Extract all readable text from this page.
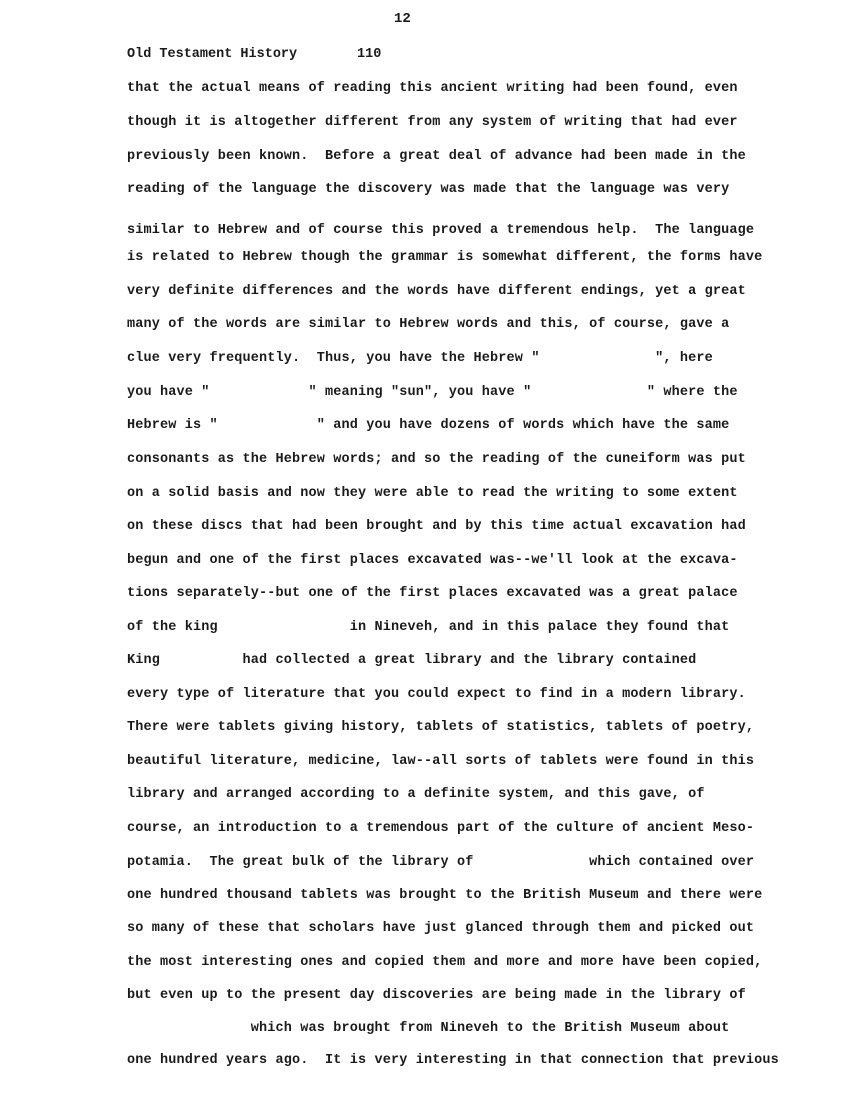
12
Old Testament History	110
that the actual means of reading this ancient writing had been found, even
though it is altogether different from any system of writing that had ever
previously been known.  Before a great deal of advance had been made in the
reading of the language the discovery was made that the language was very
similar to Hebrew and of course this proved a tremendous help.  The language
is related to Hebrew though the grammar is somewhat different, the forms have
very definite differences and the words have different endings, yet a great
many of the words are similar to Hebrew words and this, of course, gave a
clue very frequently.  Thus, you have the Hebrew "              ", here
you have "            " meaning "sun", you have "              " where the
Hebrew is "            " and you have dozens of words which have the same
consonants as the Hebrew words; and so the reading of the cuneiform was put
on a solid basis and now they were able to read the writing to some extent
on these discs that had been brought and by this time actual excavation had
begun and one of the first places excavated was--we'll look at the excava-
tions separately--but one of the first places excavated was a great palace
of the king                in Nineveh, and in this palace they found that
King          had collected a great library and the library contained
every type of literature that you could expect to find in a modern library.
There were tablets giving history, tablets of statistics, tablets of poetry,
beautiful literature, medicine, law--all sorts of tablets were found in this
library and arranged according to a definite system, and this gave, of
course, an introduction to a tremendous part of the culture of ancient Meso-
potamia.  The great bulk of the library of              which contained over
one hundred thousand tablets was brought to the British Museum and there were
so many of these that scholars have just glanced through them and picked out
the most interesting ones and copied them and more and more have been copied,
but even up to the present day discoveries are being made in the library of
which was brought from Nineveh to the British Museum about
one hundred years ago.  It is very interesting in that connection that previous
